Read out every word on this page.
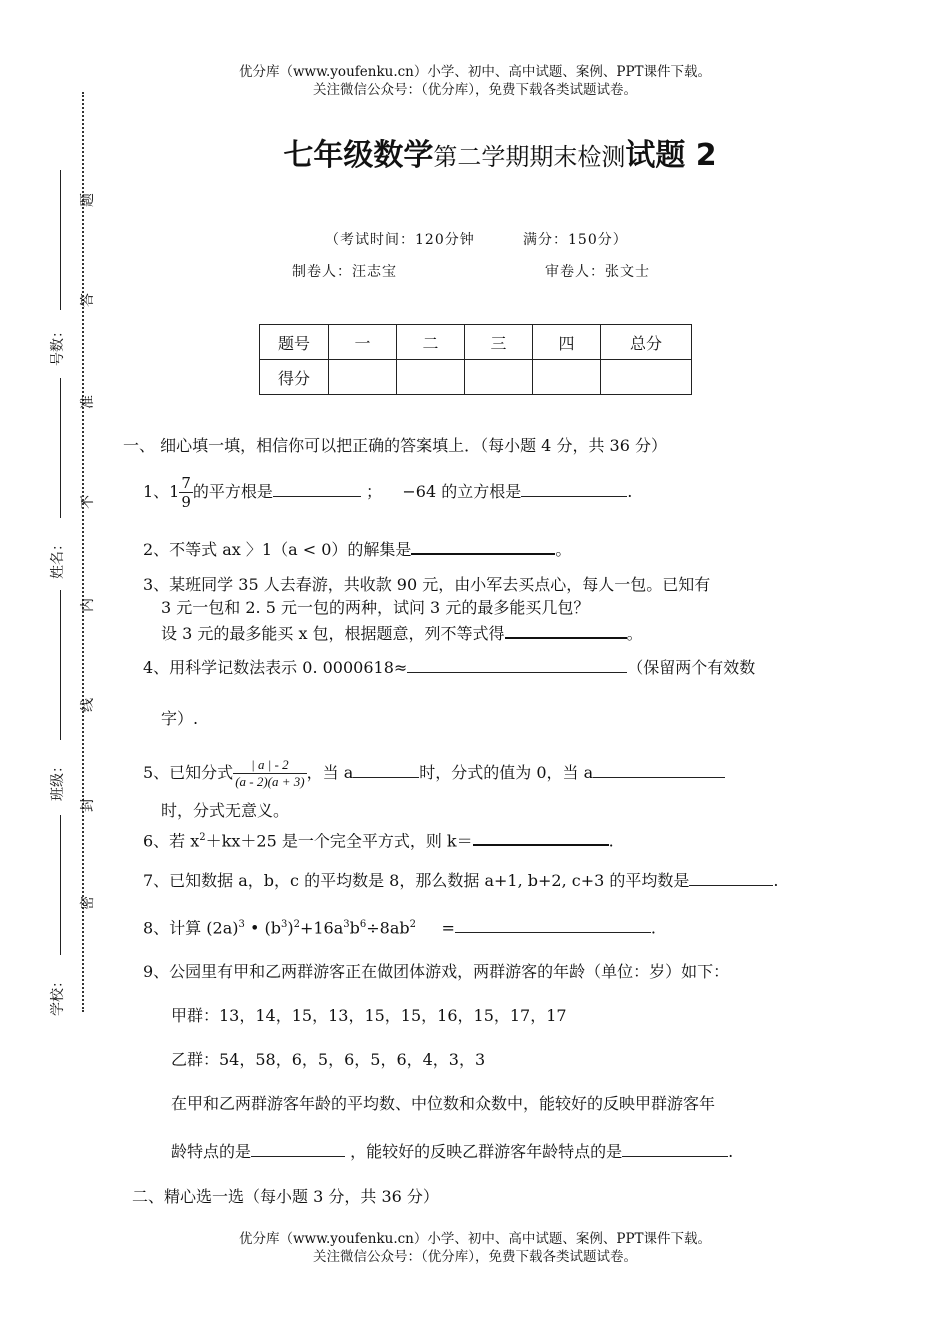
优分库（www.youfenku.cn）小学、初中、高中试题、案例、PPT课件下载。
关注微信公众号：（优分库），免费下载各类试题试卷。
七年级数学第二学期期末检测试题 2
（考试时间：120分钟	满分：150分）
制卷人：汪志宝	审卷人：张文士
题号	一	二	三	四	总分
得分					
号数：
姓名：
班级：
学校：
题
答
准
不
内
线
封
密
一、 细心填一填，相信你可以把正确的答案填上．（每小题 4 分，共 36 分）
1、$1 \frac{7}{9}$ 的平方根是	； −64 的立方根是	.
2、不等式 ax 〉1（a < 0）的解集是	。
3、某班同学 35 人去春游，共收款 90 元，由小军去买点心，每人一包。已知有
3 元一包和 2. 5 元一包的两种，试问 3 元的最多能买几包？
设 3 元的最多能买 x 包，根据题意，列不等式得	。
4、用科学记数法表示 0. 0000618≈	（保留两个有效数
字）.
5、已知分式 $\frac{| a | - 2}{(a - 2)(a + 3)}$ ，当 a	时，分式的值为 0，当 a
时，分式无意义。
6、若 $x^2+kx+25$ 是一个完全平方式，则 k＝	.
7、已知数据 a，b，c 的平均数是 8，那么数据 a+1, b+2, c+3 的平均数是	.
8、计算 $(2a)^3$ • $(b^3)^2+16a^3b^6\div 8ab^2$ =	.
9、公园里有甲和乙两群游客正在做团体游戏，两群游客的年龄（单位：岁）如下：
甲群：13，14，15，13，15，15，16，15，17，17
乙群：54，58，6，5，6，5，6，4，3，3
在甲和乙两群游客年龄的平均数、中位数和众数中，能较好的反映甲群游客年
龄特点的是	，能较好的反映乙群游客年龄特点的是	.
二、精心选一选（每小题 3 分，共 36 分）
优分库（www.youfenku.cn）小学、初中、高中试题、案例、PPT课件下载。
关注微信公众号：（优分库），免费下载各类试题试卷。
